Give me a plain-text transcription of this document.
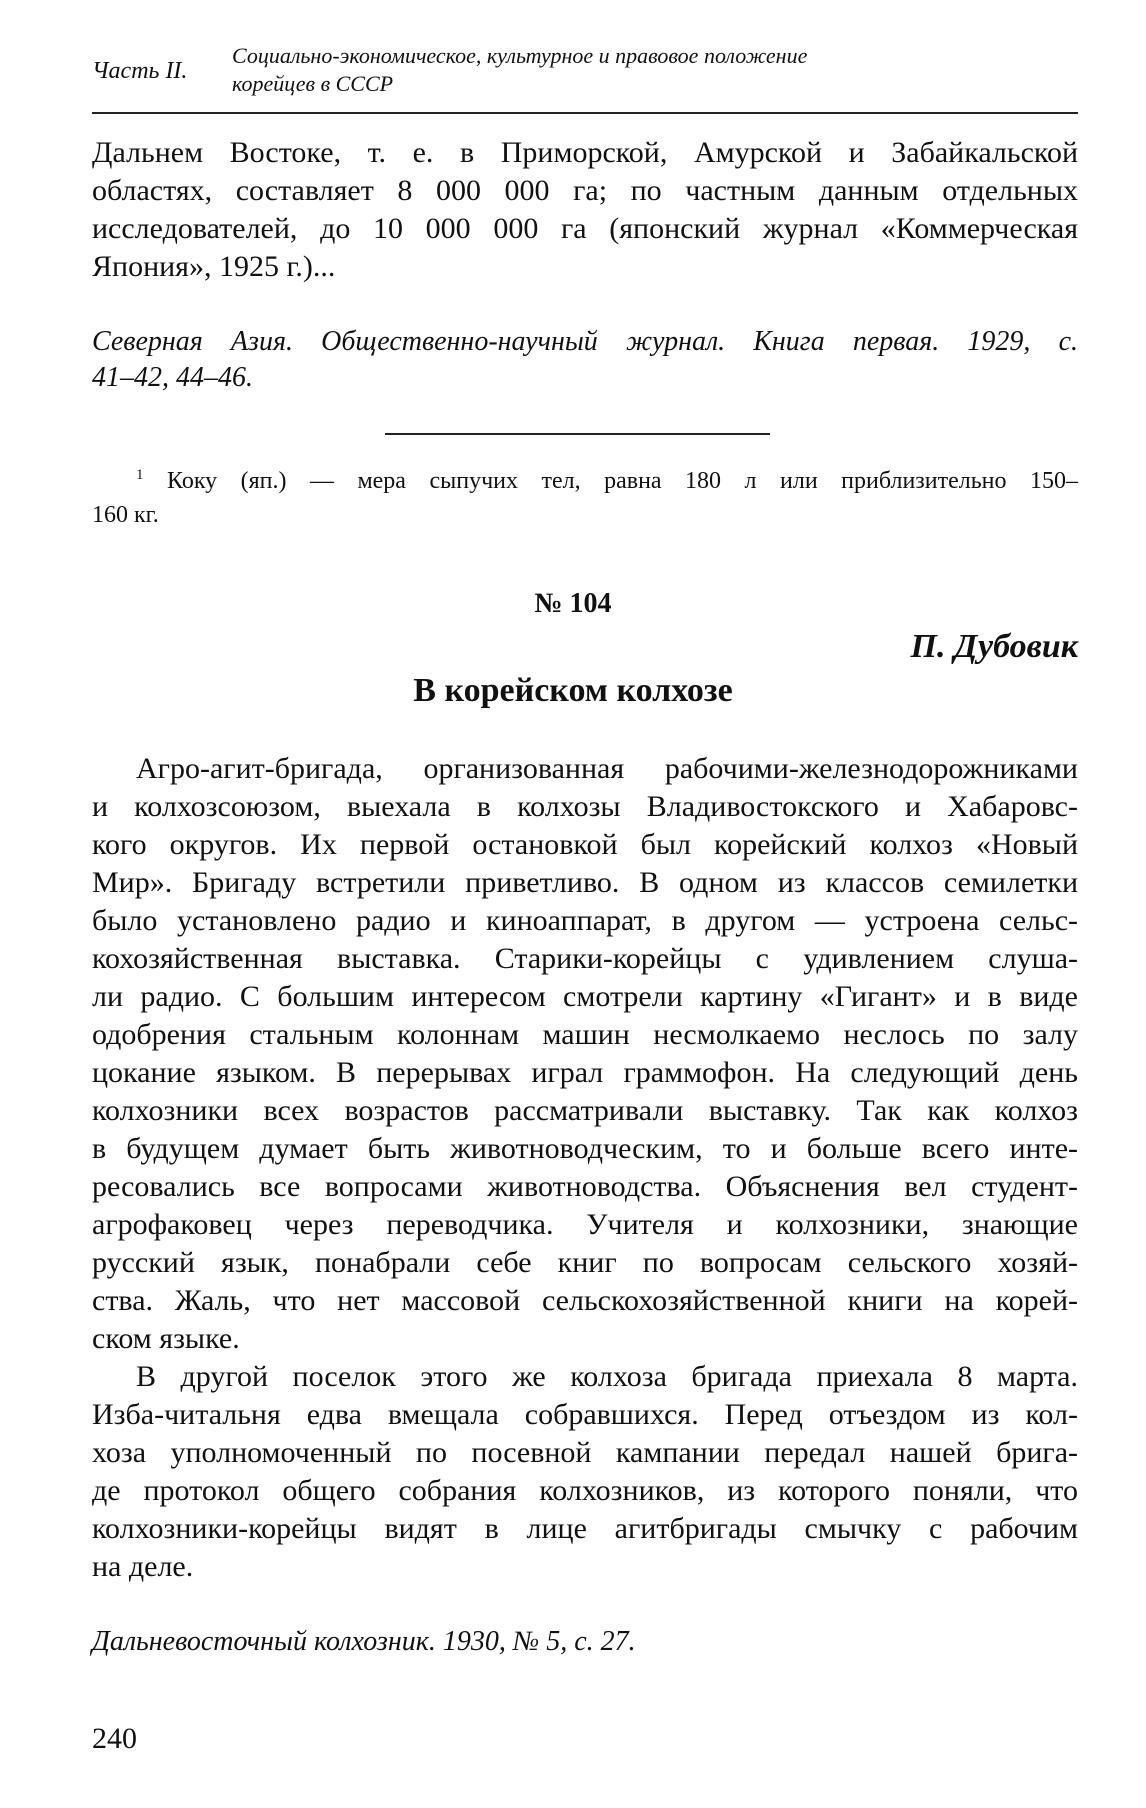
Часть II.
Социально-экономическое, культурное и правовое положение
корейцев в СССР
Дальнем Востоке, т. е. в Приморской, Амурской и Забайкальской
областях, составляет 8 000 000 га; по частным данным отдельных
исследователей, до 10 000 000 га (японский журнал «Коммерческая
Япония», 1925 г.)...
Северная Азия. Общественно-научный журнал. Книга первая. 1929, с.
41–42, 44–46.
$^1$ Коку (яп.) — мера сыпучих тел, равна 180 л или приблизительно 150–
160 кг.
№ 104
П. Дубовик
В корейском колхозе
Агро-агит-бригада, организованная рабочими-железнодорожниками
и колхозсоюзом, выехала в колхозы Владивостокского и Хабаровс-
кого округов. Их первой остановкой был корейский колхоз «Новый
Мир». Бригаду встретили приветливо. В одном из классов семилетки
было установлено радио и киноаппарат, в другом — устроена сельс-
кохозяйственная выставка. Старики-корейцы с удивлением слуша-
ли радио. С большим интересом смотрели картину «Гигант» и в виде
одобрения стальным колоннам машин несмолкаемо неслось по залу
цокание языком. В перерывах играл граммофон. На следующий день
колхозники всех возрастов рассматривали выставку. Так как колхоз
в будущем думает быть животноводческим, то и больше всего инте-
ресовались все вопросами животноводства. Объяснения вел студент-
агрофаковец через переводчика. Учителя и колхозники, знающие
русский язык, понабрали себе книг по вопросам сельского хозяй-
ства. Жаль, что нет массовой сельскохозяйственной книги на корей-
ском языке.
В другой поселок этого же колхоза бригада приехала 8 марта.
Изба-читальня едва вмещала собравшихся. Перед отъездом из кол-
хоза уполномоченный по посевной кампании передал нашей брига-
де протокол общего собрания колхозников, из которого поняли, что
колхозники-корейцы видят в лице агитбригады смычку с рабочим
на деле.
Дальневосточный колхозник. 1930, № 5, с. 27.
240
